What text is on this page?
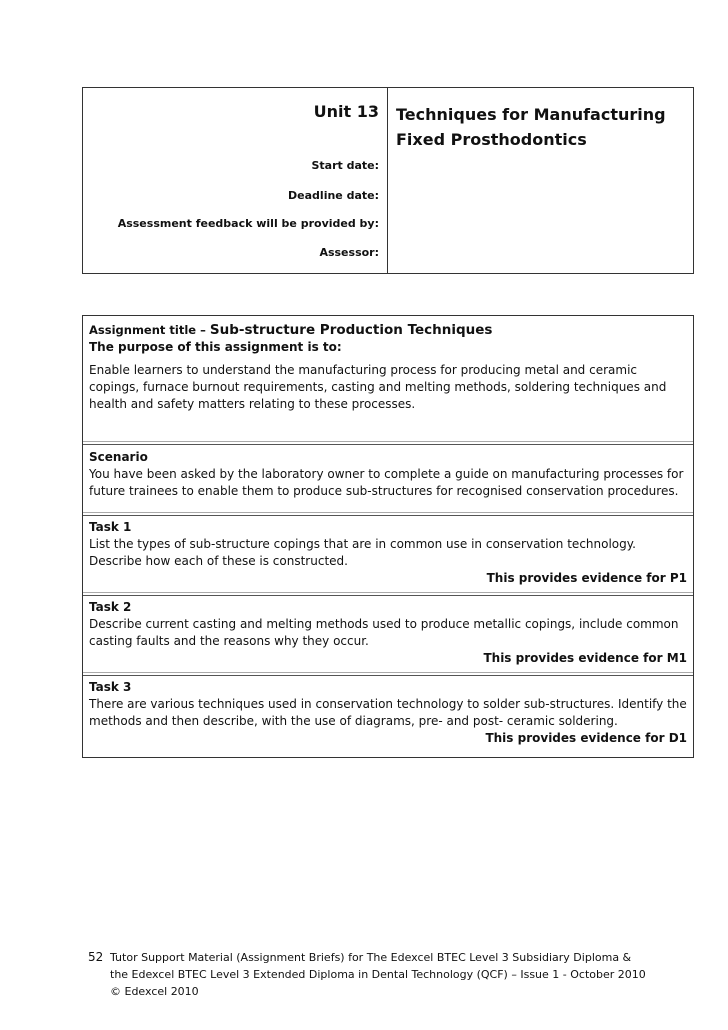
Unit 13
Start date:
Deadline date:
Assessment feedback will be provided by:
Assessor:
Techniques for Manufacturing Fixed Prosthodontics

Assignment title – Sub-structure Production Techniques

The purpose of this assignment is to:

Enable learners to understand the manufacturing process for producing metal and ceramic copings, furnace burnout requirements, casting and melting methods, soldering techniques and health and safety matters relating to these processes.

Scenario

You have been asked by the laboratory owner to complete a guide on manufacturing processes for future trainees to enable them to produce sub-structures for recognised conservation procedures.

Task 1

List the types of sub-structure copings that are in common use in conservation technology. Describe how each of these is constructed.

This provides evidence for P1

Task 2

Describe current casting and melting methods used to produce metallic copings, include common casting faults and the reasons why they occur.

This provides evidence for M1

Task 3

There are various techniques used in conservation technology to solder sub-structures. Identify the methods and then describe, with the use of diagrams, pre- and post- ceramic soldering.

This provides evidence for D1

52 Tutor Support Material (Assignment Briefs) for The Edexcel BTEC Level 3 Subsidiary Diploma & the Edexcel BTEC Level 3 Extended Diploma in Dental Technology (QCF) – Issue 1 - October 2010 © Edexcel 2010
